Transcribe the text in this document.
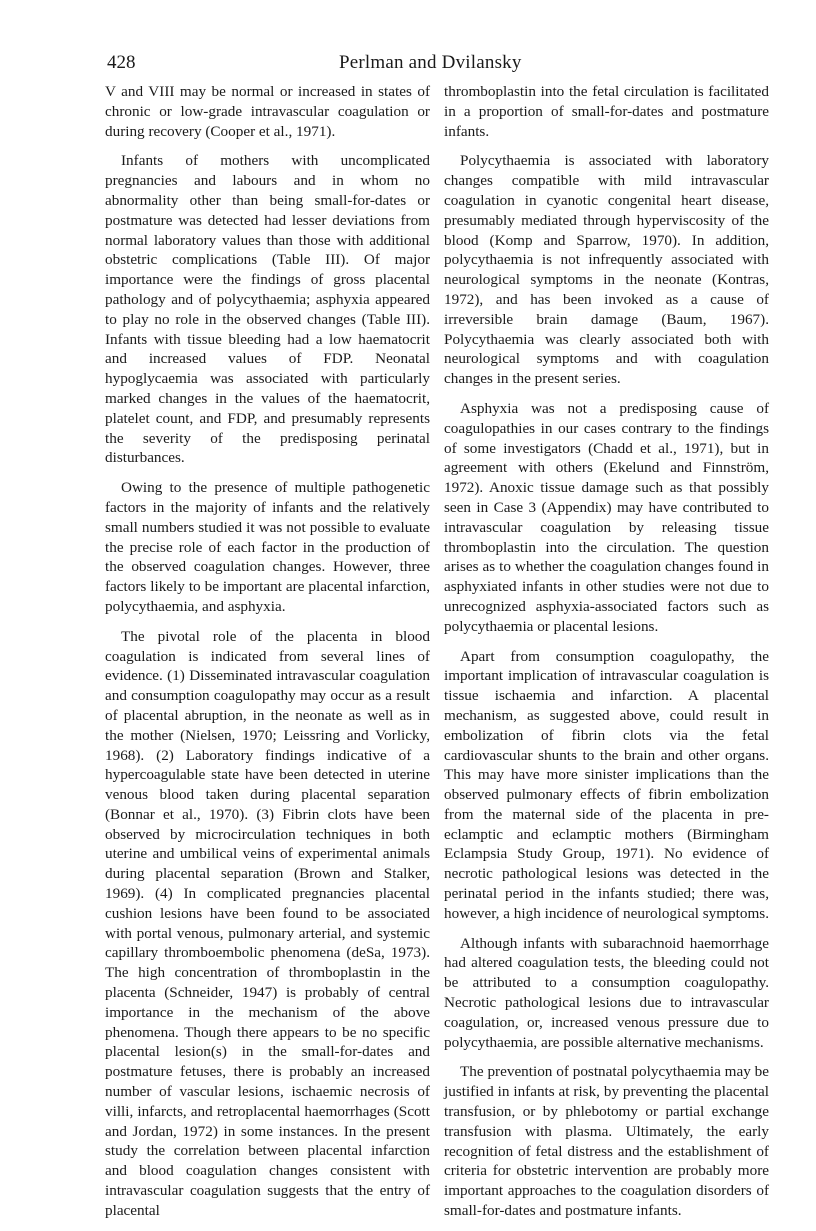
428	Perlman and Dvilansky

V and VIII may be normal or increased in states of chronic or low-grade intravascular coagulation or during recovery (Cooper et al., 1971).

Infants of mothers with uncomplicated pregnancies and labours and in whom no abnormality other than being small-for-dates or postmature was detected had lesser deviations from normal laboratory values than those with additional obstetric complications (Table III). Of major importance were the findings of gross placental pathology and of polycythaemia; asphyxia appeared to play no role in the observed changes (Table III). Infants with tissue bleeding had a low haematocrit and increased values of FDP. Neonatal hypoglycaemia was associated with particularly marked changes in the values of the haematocrit, platelet count, and FDP, and presumably represents the severity of the predisposing perinatal disturbances.

Owing to the presence of multiple pathogenetic factors in the majority of infants and the relatively small numbers studied it was not possible to evaluate the precise role of each factor in the production of the observed coagulation changes. However, three factors likely to be important are placental infarction, polycythaemia, and asphyxia.

The pivotal role of the placenta in blood coagulation is indicated from several lines of evidence. (1) Disseminated intravascular coagulation and consumption coagulopathy may occur as a result of placental abruption, in the neonate as well as in the mother (Nielsen, 1970; Leissring and Vorlicky, 1968). (2) Laboratory findings indicative of a hypercoagulable state have been detected in uterine venous blood taken during placental separation (Bonnar et al., 1970). (3) Fibrin clots have been observed by microcirculation techniques in both uterine and umbilical veins of experimental animals during placental separation (Brown and Stalker, 1969). (4) In complicated pregnancies placental cushion lesions have been found to be associated with portal venous, pulmonary arterial, and systemic capillary thromboembolic phenomena (deSa, 1973). The high concentration of thromboplastin in the placenta (Schneider, 1947) is probably of central importance in the mechanism of the above phenomena. Though there appears to be no specific placental lesion(s) in the small-for-dates and postmature fetuses, there is probably an increased number of vascular lesions, ischaemic necrosis of villi, infarcts, and retroplacental haemorrhages (Scott and Jordan, 1972) in some instances. In the present study the correlation between placental infarction and blood coagulation changes consistent with intravascular coagulation suggests that the entry of placental

thromboplastin into the fetal circulation is facilitated in a proportion of small-for-dates and postmature infants.

Polycythaemia is associated with laboratory changes compatible with mild intravascular coagulation in cyanotic congenital heart disease, presumably mediated through hyperviscosity of the blood (Komp and Sparrow, 1970). In addition, polycythaemia is not infrequently associated with neurological symptoms in the neonate (Kontras, 1972), and has been invoked as a cause of irreversible brain damage (Baum, 1967). Polycythaemia was clearly associated both with neurological symptoms and with coagulation changes in the present series.

Asphyxia was not a predisposing cause of coagulopathies in our cases contrary to the findings of some investigators (Chadd et al., 1971), but in agreement with others (Ekelund and Finnström, 1972). Anoxic tissue damage such as that possibly seen in Case 3 (Appendix) may have contributed to intravascular coagulation by releasing tissue thromboplastin into the circulation. The question arises as to whether the coagulation changes found in asphyxiated infants in other studies were not due to unrecognized asphyxia-associated factors such as polycythaemia or placental lesions.

Apart from consumption coagulopathy, the important implication of intravascular coagulation is tissue ischaemia and infarction. A placental mechanism, as suggested above, could result in embolization of fibrin clots via the fetal cardiovascular shunts to the brain and other organs. This may have more sinister implications than the observed pulmonary effects of fibrin embolization from the maternal side of the placenta in pre-eclamptic and eclamptic mothers (Birmingham Eclampsia Study Group, 1971). No evidence of necrotic pathological lesions was detected in the perinatal period in the infants studied; there was, however, a high incidence of neurological symptoms.

Although infants with subarachnoid haemorrhage had altered coagulation tests, the bleeding could not be attributed to a consumption coagulopathy. Necrotic pathological lesions due to intravascular coagulation, or, increased venous pressure due to polycythaemia, are possible alternative mechanisms.

The prevention of postnatal polycythaemia may be justified in infants at risk, by preventing the placental transfusion, or by phlebotomy or partial exchange transfusion with plasma. Ultimately, the early recognition of fetal distress and the establishment of criteria for obstetric intervention are probably more important approaches to the coagulation disorders of small-for-dates and postmature infants.
